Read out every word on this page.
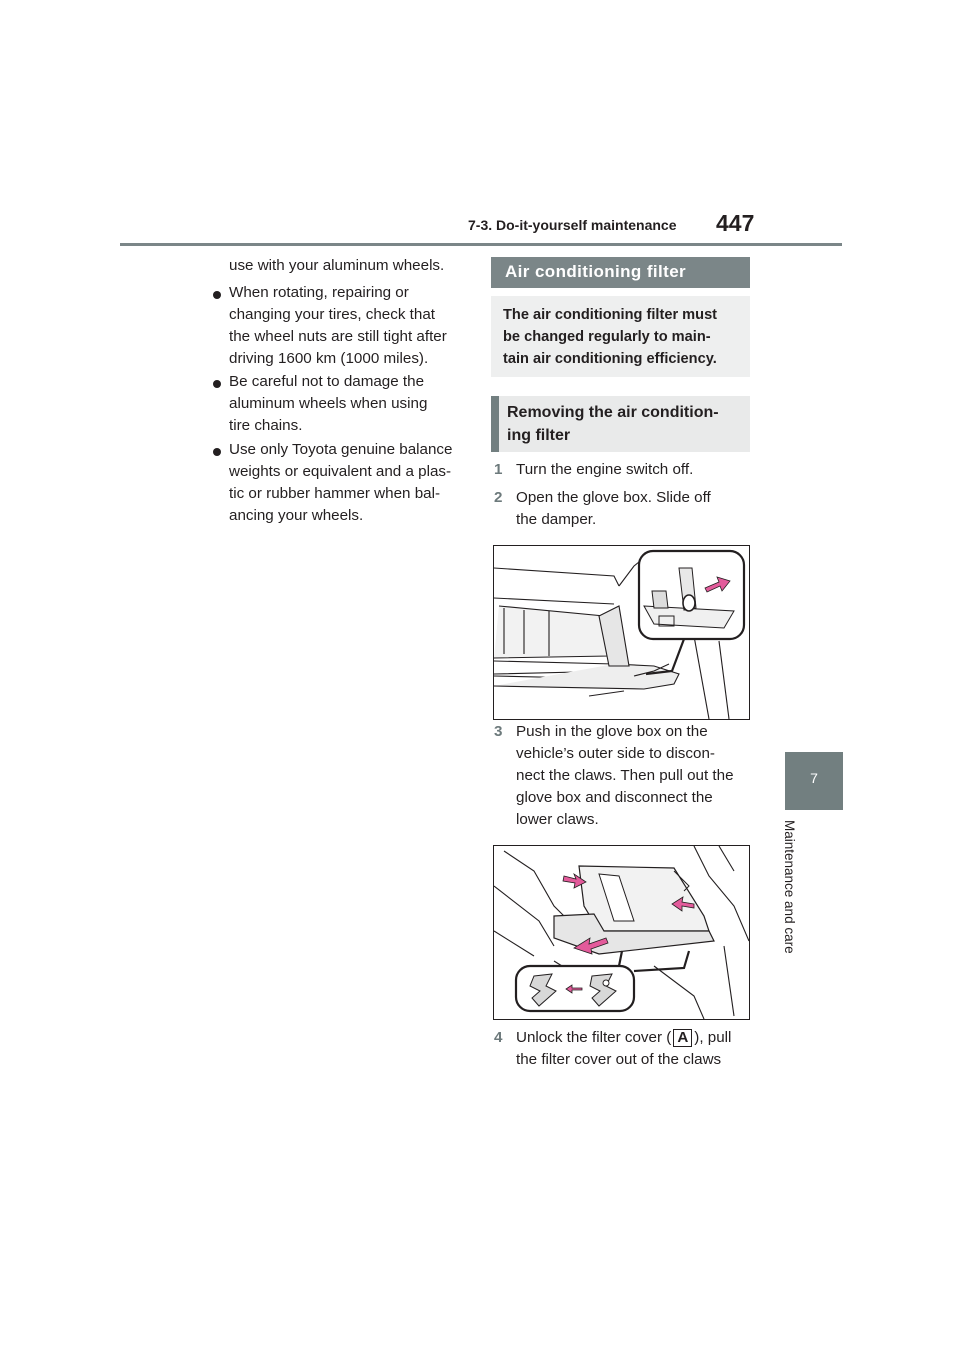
7-3. Do-it-yourself maintenance 447
7
Maintenance and care
use with your aluminum wheels.
When rotating, repairing or
changing your tires, check that
the wheel nuts are still tight after
driving 1600 km (1000 miles).
Be careful not to damage the
aluminum wheels when using
tire chains.
Use only Toyota genuine balance
weights or equivalent and a plas-
tic or rubber hammer when bal-
ancing your wheels.
Air conditioning filter
The air conditioning filter must
be changed regularly to main-
tain air conditioning efficiency.
Removing the air condition-
ing filter
1 Turn the engine switch off.
2 Open the glove box. Slide off
the damper.
3 Push in the glove box on the
vehicle’s outer side to discon-
nect the claws. Then pull out the
glove box and disconnect the
lower claws.
4 Unlock the filter cover ( A ), pull
the filter cover out of the claws
